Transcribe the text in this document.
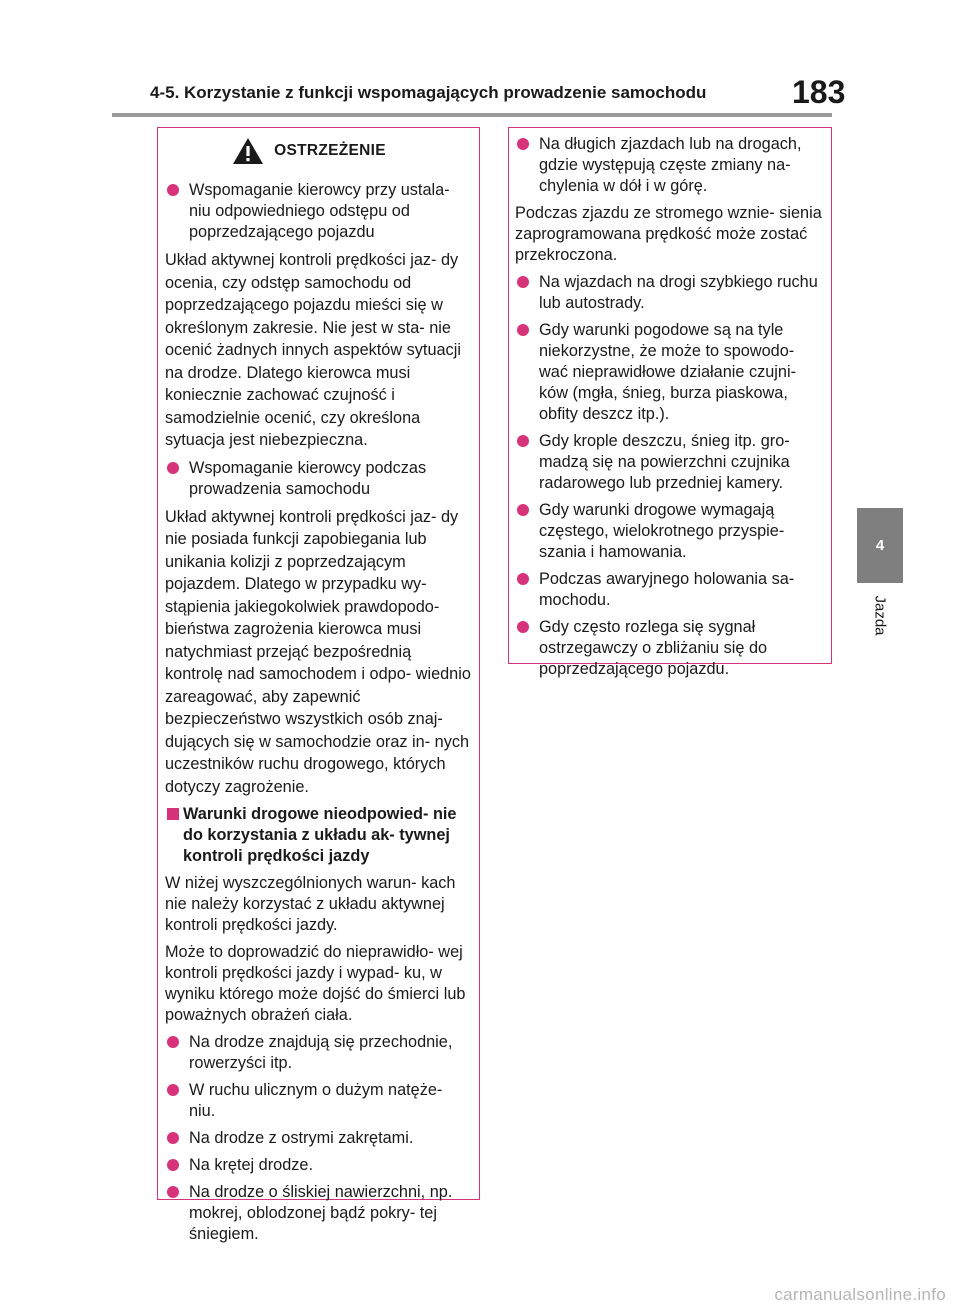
4-5. Korzystanie z funkcji wspomagających prowadzenie samochodu	183
4
Jazda
OSTRZEŻENIE
Wspomaganie kierowcy przy ustala- niu odpowiedniego odstępu od poprzedzającego pojazdu
Układ aktywnej kontroli prędkości jaz- dy ocenia, czy odstęp samochodu od poprzedzającego pojazdu mieści się w określonym zakresie. Nie jest w sta- nie ocenić żadnych innych aspektów sytuacji na drodze. Dlatego kierowca musi koniecznie zachować czujność i samodzielnie ocenić, czy określona sytuacja jest niebezpieczna.
Wspomaganie kierowcy podczas prowadzenia samochodu
Układ aktywnej kontroli prędkości jaz- dy nie posiada funkcji zapobiegania lub unikania kolizji z poprzedzającym pojazdem. Dlatego w przypadku wy- stąpienia jakiegokolwiek prawdopodo- bieństwa zagrożenia kierowca musi natychmiast przejąć bezpośrednią kontrolę nad samochodem i odpo- wiednio zareagować, aby zapewnić bezpieczeństwo wszystkich osób znaj- dujących się w samochodzie oraz in- nych uczestników ruchu drogowego, których dotyczy zagrożenie.
Warunki drogowe nieodpowied- nie do korzystania z układu ak- tywnej kontroli prędkości jazdy
W niżej wyszczególnionych warun- kach nie należy korzystać z układu aktywnej kontroli prędkości jazdy.
Może to doprowadzić do nieprawidło- wej kontroli prędkości jazdy i wypad- ku, w wyniku którego może dojść do śmierci lub poważnych obrażeń ciała.
Na drodze znajdują się przechodnie, rowerzyści itp.
W ruchu ulicznym o dużym natęże- niu.
Na drodze z ostrymi zakrętami.
Na krętej drodze.
Na drodze o śliskiej nawierzchni, np. mokrej, oblodzonej bądź pokry- tej śniegiem.
Na długich zjazdach lub na drogach, gdzie występują częste zmiany na- chylenia w dół i w górę.
Podczas zjazdu ze stromego wznie- sienia zaprogramowana prędkość może zostać przekroczona.
Na wjazdach na drogi szybkiego ruchu lub autostrady.
Gdy warunki pogodowe są na tyle niekorzystne, że może to spowodo- wać nieprawidłowe działanie czujni- ków (mgła, śnieg, burza piaskowa, obfity deszcz itp.).
Gdy krople deszczu, śnieg itp. gro- madzą się na powierzchni czujnika radarowego lub przedniej kamery.
Gdy warunki drogowe wymagają częstego, wielokrotnego przyspie- szania i hamowania.
Podczas awaryjnego holowania sa- mochodu.
Gdy często rozlega się sygnał ostrzegawczy o zbliżaniu się do poprzedzającego pojazdu.
carmanualsonline.info
